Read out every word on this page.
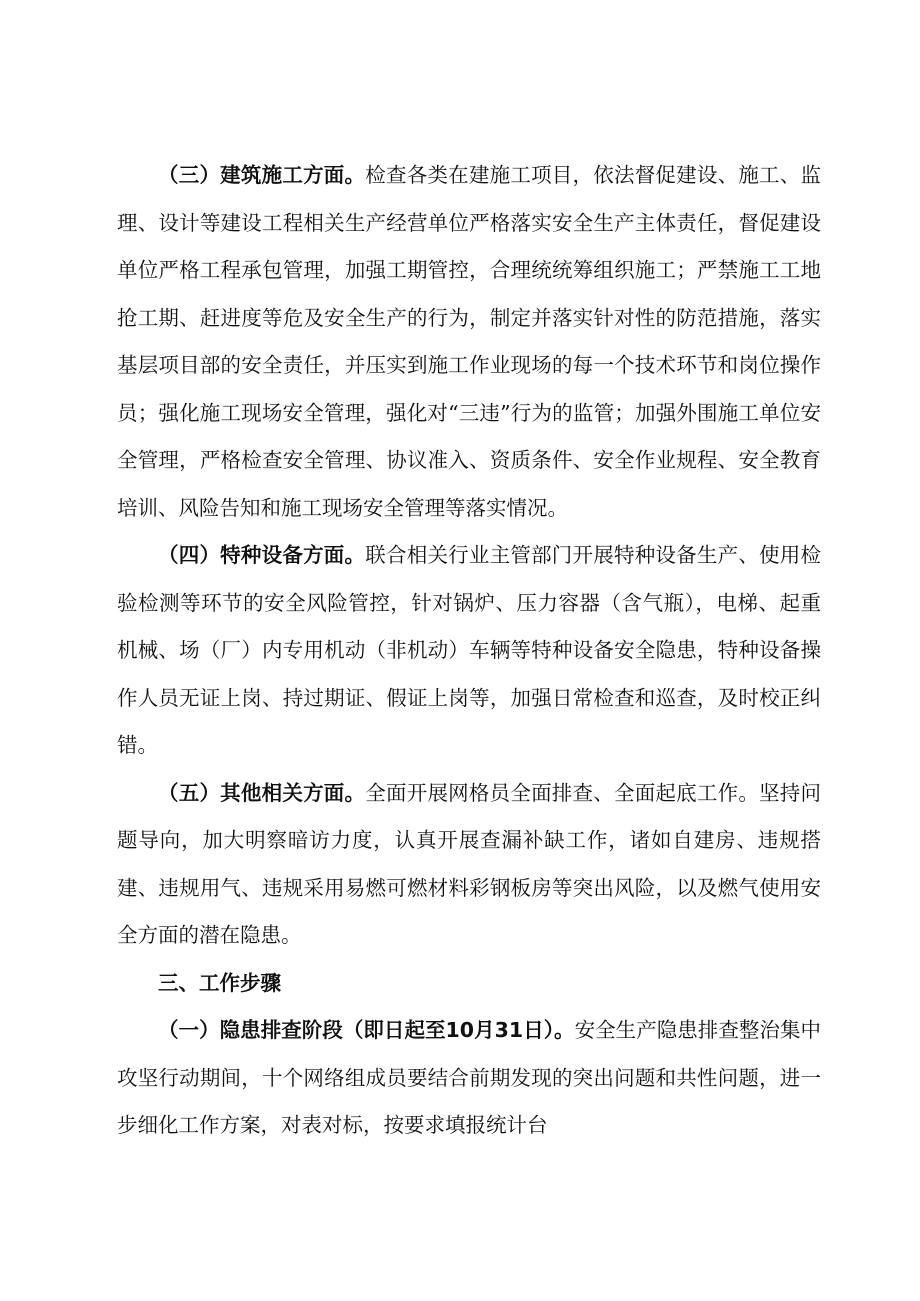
（三）建筑施工方面。检查各类在建施工项目，依法督促建设、施工、监理、设计等建设工程相关生产经营单位严格落实安全生产主体责任，督促建设单位严格工程承包管理，加强工期管控，合理统统筹组织施工；严禁施工工地抢工期、赶进度等危及安全生产的行为，制定并落实针对性的防范措施，落实基层项目部的安全责任，并压实到施工作业现场的每一个技术环节和岗位操作员；强化施工现场安全管理，强化对“三违”行为的监管；加强外围施工单位安全管理，严格检查安全管理、协议准入、资质条件、安全作业规程、安全教育培训、风险告知和施工现场安全管理等落实情况。

（四）特种设备方面。联合相关行业主管部门开展特种设备生产、使用检验检测等环节的安全风险管控，针对锅炉、压力容器（含气瓶），电梯、起重机械、场（厂）内专用机动（非机动）车辆等特种设备安全隐患，特种设备操作人员无证上岗、持过期证、假证上岗等，加强日常检查和巡查，及时校正纠错。

（五）其他相关方面。全面开展网格员全面排查、全面起底工作。坚持问题导向，加大明察暗访力度，认真开展查漏补缺工作，诸如自建房、违规搭建、违规用气、违规采用易燃可燃材料彩钢板房等突出风险，以及燃气使用安全方面的潜在隐患。

三、工作步骤

（一）隐患排查阶段（即日起至10月31日）。安全生产隐患排查整治集中攻坚行动期间，十个网络组成员要结合前期发现的突出问题和共性问题，进一步细化工作方案，对表对标，按要求填报统计台
